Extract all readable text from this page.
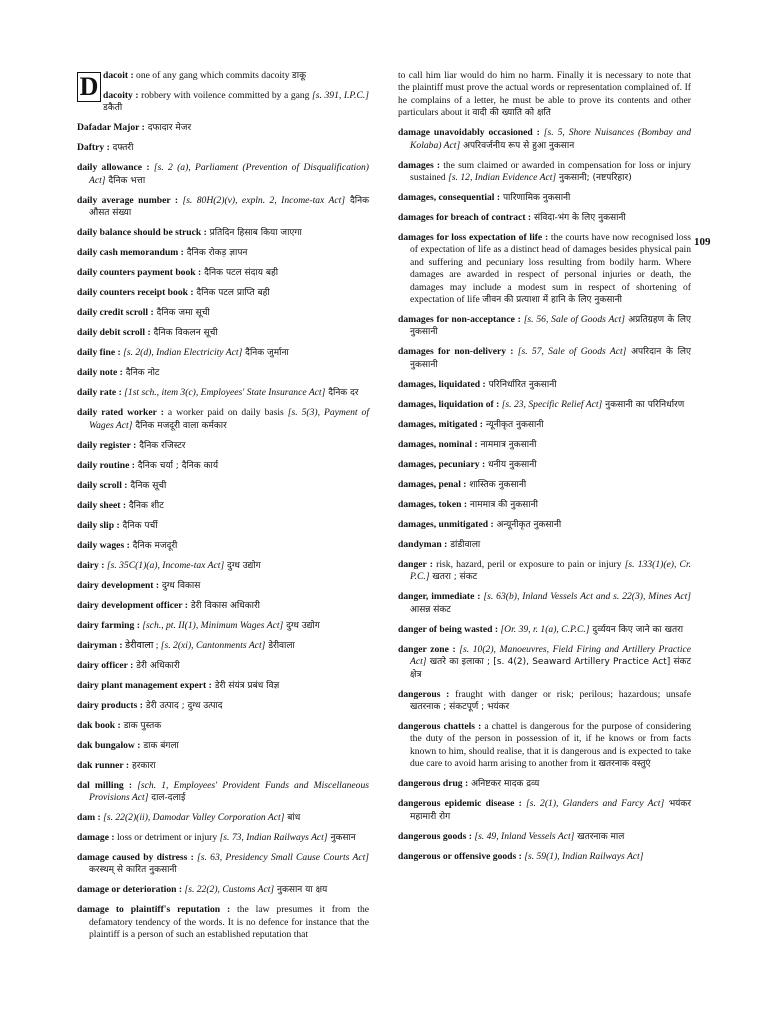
D
109
dacoit : one of any gang which commits dacoity डाकू
dacoity : robbery with voilence committed by a gang [s. 391, I.P.C.] डकैती
Dafadar Major : दफादार मेजर
Daftry : दफ्तरी
daily allowance : [s. 2 (a), Parliament (Prevention of Disqualification) Act] दैनिक भत्ता
daily average number : [s. 80H(2)(v), expln. 2, Income-tax Act] दैनिक औसत संख्या
daily balance should be struck : प्रतिदिन हिसाब किया जाएगा
daily cash memorandum : दैनिक रोकड़ ज्ञापन
daily counters payment book : दैनिक पटल संदाय बही
daily counters receipt book : दैनिक पटल प्राप्ति बही
daily credit scroll : दैनिक जमा सूची
daily debit scroll : दैनिक विकलन सूची
daily fine : [s. 2(d), Indian Electricity Act] दैनिक जुर्माना
daily note : दैनिक नोट
daily rate : [1st sch., item 3(c), Employees' State Insurance Act] दैनिक दर
daily rated worker : a worker paid on daily basis [s. 5(3), Payment of Wages Act] दैनिक मजदूरी वाला कर्मकार
daily register : दैनिक रजिस्टर
daily routine : दैनिक चर्या ; दैनिक कार्य
daily scroll : दैनिक सूची
daily sheet : दैनिक शीट
daily slip : दैनिक पर्ची
daily wages : दैनिक मजदूरी
dairy : [s. 35C(1)(a), Income-tax Act] दुग्ध उद्योग
dairy development : दुग्ध विकास
dairy development officer : डेरी विकास अधिकारी
dairy farming : [sch., pt. II(1), Minimum Wages Act] दुग्ध उद्योग
dairyman : डेरीवाला ; [s. 2(xi), Cantonments Act] डेरीवाला
dairy officer : डेरी अधिकारी
dairy plant management expert : डेरी संयंत्र प्रबंध विज्ञ
dairy products : डेरी उत्पाद ; दुग्ध उत्पाद
dak book : डाक पुस्तक
dak bungalow : डाक बंगला
dak runner : हरकारा
dal milling : [sch. 1, Employees' Provident Funds and Miscellaneous Provisions Act] दाल-दलाई
dam : [s. 22(2)(ii), Damodar Valley Corporation Act] बांध
damage : loss or detriment or injury [s. 73, Indian Railways Act] नुकसान
damage caused by distress : [s. 63, Presidency Small Cause Courts Act] करस्थम् से कारित नुकसानी
damage or deterioration : [s. 22(2), Customs Act] नुकसान या क्षय
damage to plaintiff's reputation : the law presumes it from the defamatory tendency of the words. It is no defence for instance that the plaintiff is a person of such an established reputation that
to call him liar would do him no harm. Finally it is necessary to note that the plaintiff must prove the actual words or representation complained of. If he complains of a letter, he must be able to prove its contents and other particulars about it वादी की ख्याति को क्षति
damage unavoidably occasioned : [s. 5, Shore Nuisances (Bombay and Kolaba) Act] अपरिवर्जनीय रूप से हुआ नुकसान
damages : the sum claimed or awarded in compensation for loss or injury sustained [s. 12, Indian Evidence Act] नुकसानी; (नष्टपरिहार)
damages, consequential : पारिणामिक नुकसानी
damages for breach of contract : संविदा-भंग के लिए नुकसानी
damages for loss expectation of life : the courts have now recognised loss of expectation of life as a distinct head of damages besides physical pain and suffering and pecuniary loss resulting from bodily harm. Where damages are awarded in respect of personal injuries or death, the damages may include a modest sum in respect of shortening of expectation of life जीवन की प्रत्याशा में हानि के लिए नुकसानी
damages for non-acceptance : [s. 56, Sale of Goods Act] अप्रतिग्रहण के लिए नुकसानी
damages for non-delivery : [s. 57, Sale of Goods Act] अपरिदान के लिए नुकसानी
damages, liquidated : परिनिर्धारित नुकसानी
damages, liquidation of : [s. 23, Specific Relief Act] नुकसानी का परिनिर्धारण
damages, mitigated : न्यूनीकृत नुकसानी
damages, nominal : नाममात्र नुकसानी
damages, pecuniary : धनीय नुकसानी
damages, penal : शास्तिक नुकसानी
damages, token : नाममात्र की नुकसानी
damages, unmitigated : अन्यूनीकृत नुकसानी
dandyman : डांडीवाला
danger : risk, hazard, peril or exposure to pain or injury [s. 133(1)(e), Cr. P.C.] खतरा ; संकट
danger, immediate : [s. 63(b), Inland Vessels Act and s. 22(3), Mines Act] आसन्न संकट
danger of being wasted : [Or. 39, r. 1(a), C.P.C.] दुर्व्ययन किए जाने का खतरा
danger zone : [s. 10(2), Manoeuvres, Field Firing and Artillery Practice Act] खतरे का इलाका ; [s. 4(2), Seaward Artillery Practice Act] संकट क्षेत्र
dangerous : fraught with danger or risk; perilous; hazardous; unsafe खतरनाक ; संकटपूर्ण ; भयंकर
dangerous chattels : a chattel is dangerous for the purpose of considering the duty of the person in possession of it, if he knows or from facts known to him, should realise, that it is dangerous and is expected to take due care to avoid harm arising to another from it खतरनाक वस्तुएं
dangerous drug : अनिष्टकर मादक द्रव्य
dangerous epidemic disease : [s. 2(1), Glanders and Farcy Act] भयंकर महामारी रोग
dangerous goods : [s. 49, Inland Vessels Act] खतरनाक माल
dangerous or offensive goods : [s. 59(1), Indian Railways Act]
